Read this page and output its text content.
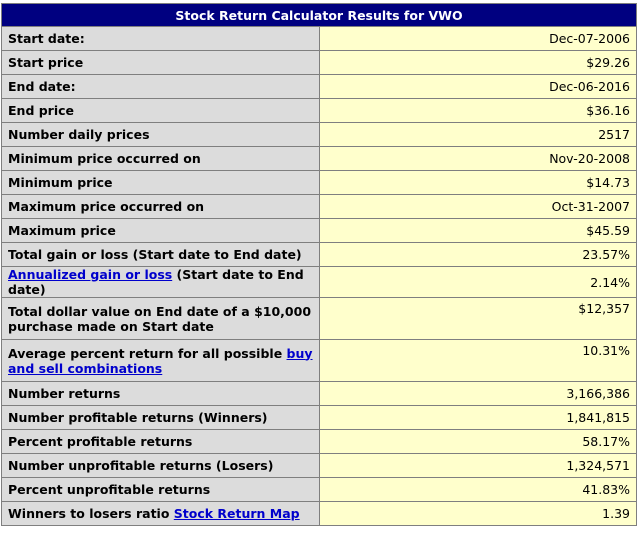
Stock Return Calculator Results for VWO	
Start date:	Dec-07-2006
Start price	$29.26
End date:	Dec-06-2016
End price	$36.16
Number daily prices	2517
Minimum price occurred on	Nov-20-2008
Minimum price	$14.73
Maximum price occurred on	Oct-31-2007
Maximum price	$45.59
Total gain or loss (Start date to End date)	23.57%
Annualized gain or loss (Start date to End date)	2.14%
Total dollar value on End date of a $10,000 purchase made on Start date	$12,357
Average percent return for all possible buy and sell combinations	10.31%
Number returns	3,166,386
Number profitable returns (Winners)	1,841,815
Percent profitable returns	58.17%
Number unprofitable returns (Losers)	1,324,571
Percent unprofitable returns	41.83%
Winners to losers ratio Stock Return Map	1.39
